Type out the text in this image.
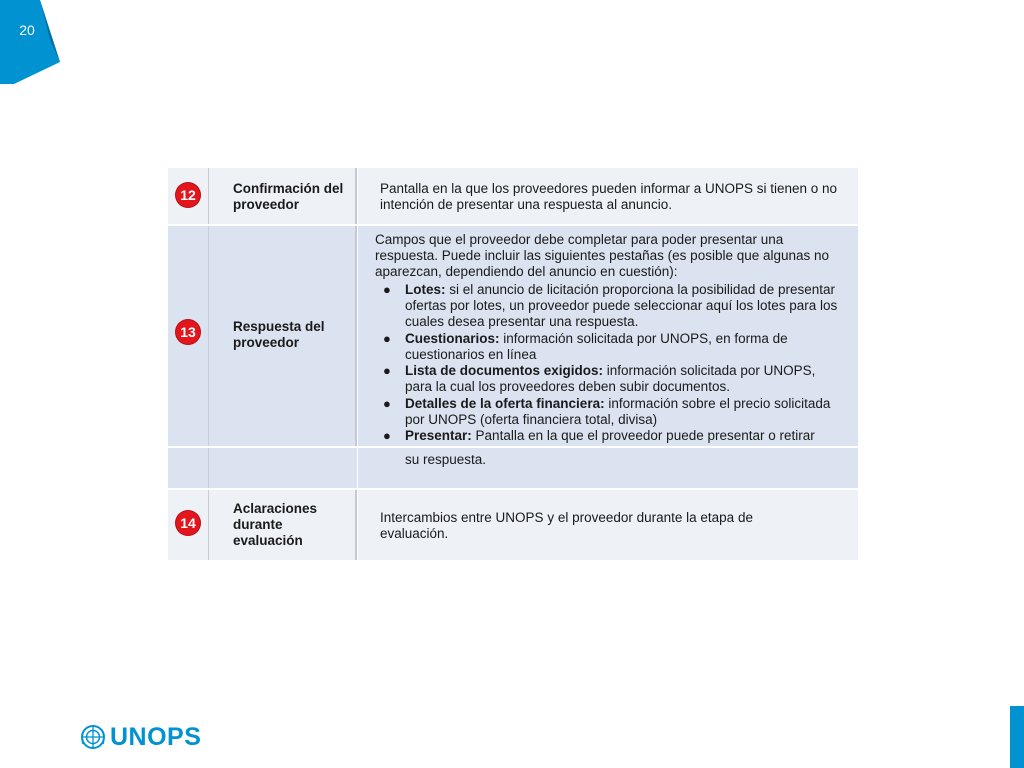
20
12	Confirmación del proveedor
Pantalla en la que los proveedores pueden informar a UNOPS si tienen o no intención de presentar una respuesta al anuncio.
13	Respuesta del proveedor
Campos que el proveedor debe completar para poder presentar una respuesta. Puede incluir las siguientes pestañas (es posible que algunas no aparezcan, dependiendo del anuncio en cuestión):
● Lotes: si el anuncio de licitación proporciona la posibilidad de presentar ofertas por lotes, un proveedor puede seleccionar aquí los lotes para los cuales desea presentar una respuesta.
● Cuestionarios: información solicitada por UNOPS, en forma de cuestionarios en línea
● Lista de documentos exigidos: información solicitada por UNOPS, para la cual los proveedores deben subir documentos.
● Detalles de la oferta financiera: información sobre el precio solicitada por UNOPS (oferta financiera total, divisa)
● Presentar: Pantalla en la que el proveedor puede presentar o retirar
su respuesta.
14
Aclaraciones durante evaluación
Intercambios entre UNOPS y el proveedor durante la etapa de evaluación.
UNOPS
